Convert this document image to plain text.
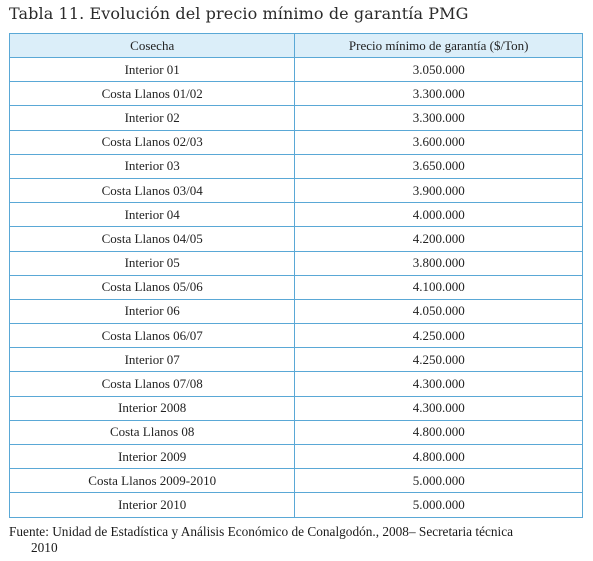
Tabla 11. Evolución del precio mínimo de garantía PMG
Cosecha	Precio mínimo de garantía ($/Ton)
Interior 01	3.050.000
Costa Llanos 01/02	3.300.000
Interior 02	3.300.000
Costa Llanos 02/03	3.600.000
Interior 03	3.650.000
Costa Llanos 03/04	3.900.000
Interior 04	4.000.000
Costa Llanos 04/05	4.200.000
Interior 05	3.800.000
Costa Llanos 05/06	4.100.000
Interior 06	4.050.000
Costa Llanos 06/07	4.250.000
Interior 07	4.250.000
Costa Llanos 07/08	4.300.000
Interior 2008	4.300.000
Costa Llanos 08	4.800.000
Interior 2009	4.800.000
Costa Llanos 2009-2010	5.000.000
Interior 2010	5.000.000
Fuente: Unidad de Estadística y Análisis Económico de Conalgodón., 2008– Secretaria técnica
2010
